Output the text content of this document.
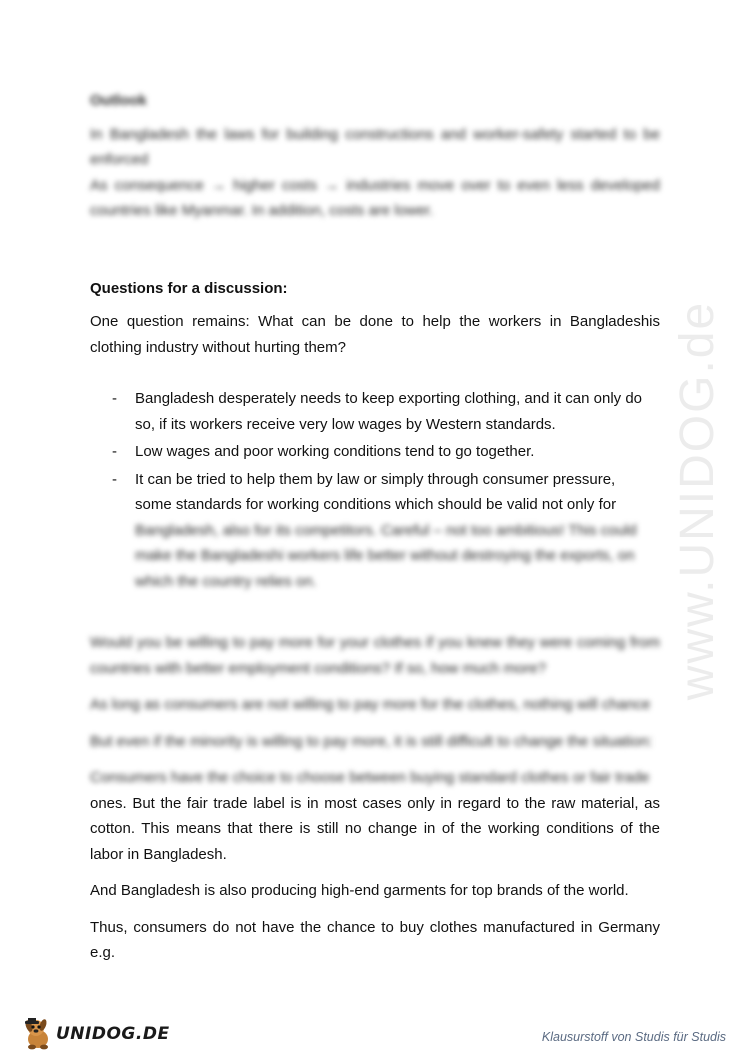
www.UNIDOG.de

Outlook

In Bangladesh the laws for building constructions and worker-safety started to be enforced

As consequence → higher costs → industries move over to even less developed countries like Myanmar. In addition, costs are lower.

Questions for a discussion:

One question remains: What can be done to help the workers in Bangladeshis clothing industry without hurting them?

- Bangladesh desperately needs to keep exporting clothing, and it can only do so, if its workers receive very low wages by Western standards.
- Low wages and poor working conditions tend to go together.
- It can be tried to help them by law or simply through consumer pressure, some standards for working conditions which should be valid not only for
Bangladesh, also for its competitors. Careful – not too ambitious! This could make the Bangladeshi workers life better without destroying the exports, on which the country relies on.

Would you be willing to pay more for your clothes if you knew they were coming from countries with better employment conditions? If so, how much more?

As long as consumers are not willing to pay more for the clothes, nothing will chance

But even if the minority is willing to pay more, it is still difficult to change the situation:

Consumers have the choice to choose between buying standard clothes or fair trade

ones. But the fair trade label is in most cases only in regard to the raw material, as cotton. This means that there is still no change in of the working conditions of the labor in Bangladesh.

And Bangladesh is also producing high-end garments for top brands of the world.

Thus, consumers do not have the chance to buy clothes manufactured in Germany e.g.

UNIDOG.DE	Klausurstoff von Studis für Studis
